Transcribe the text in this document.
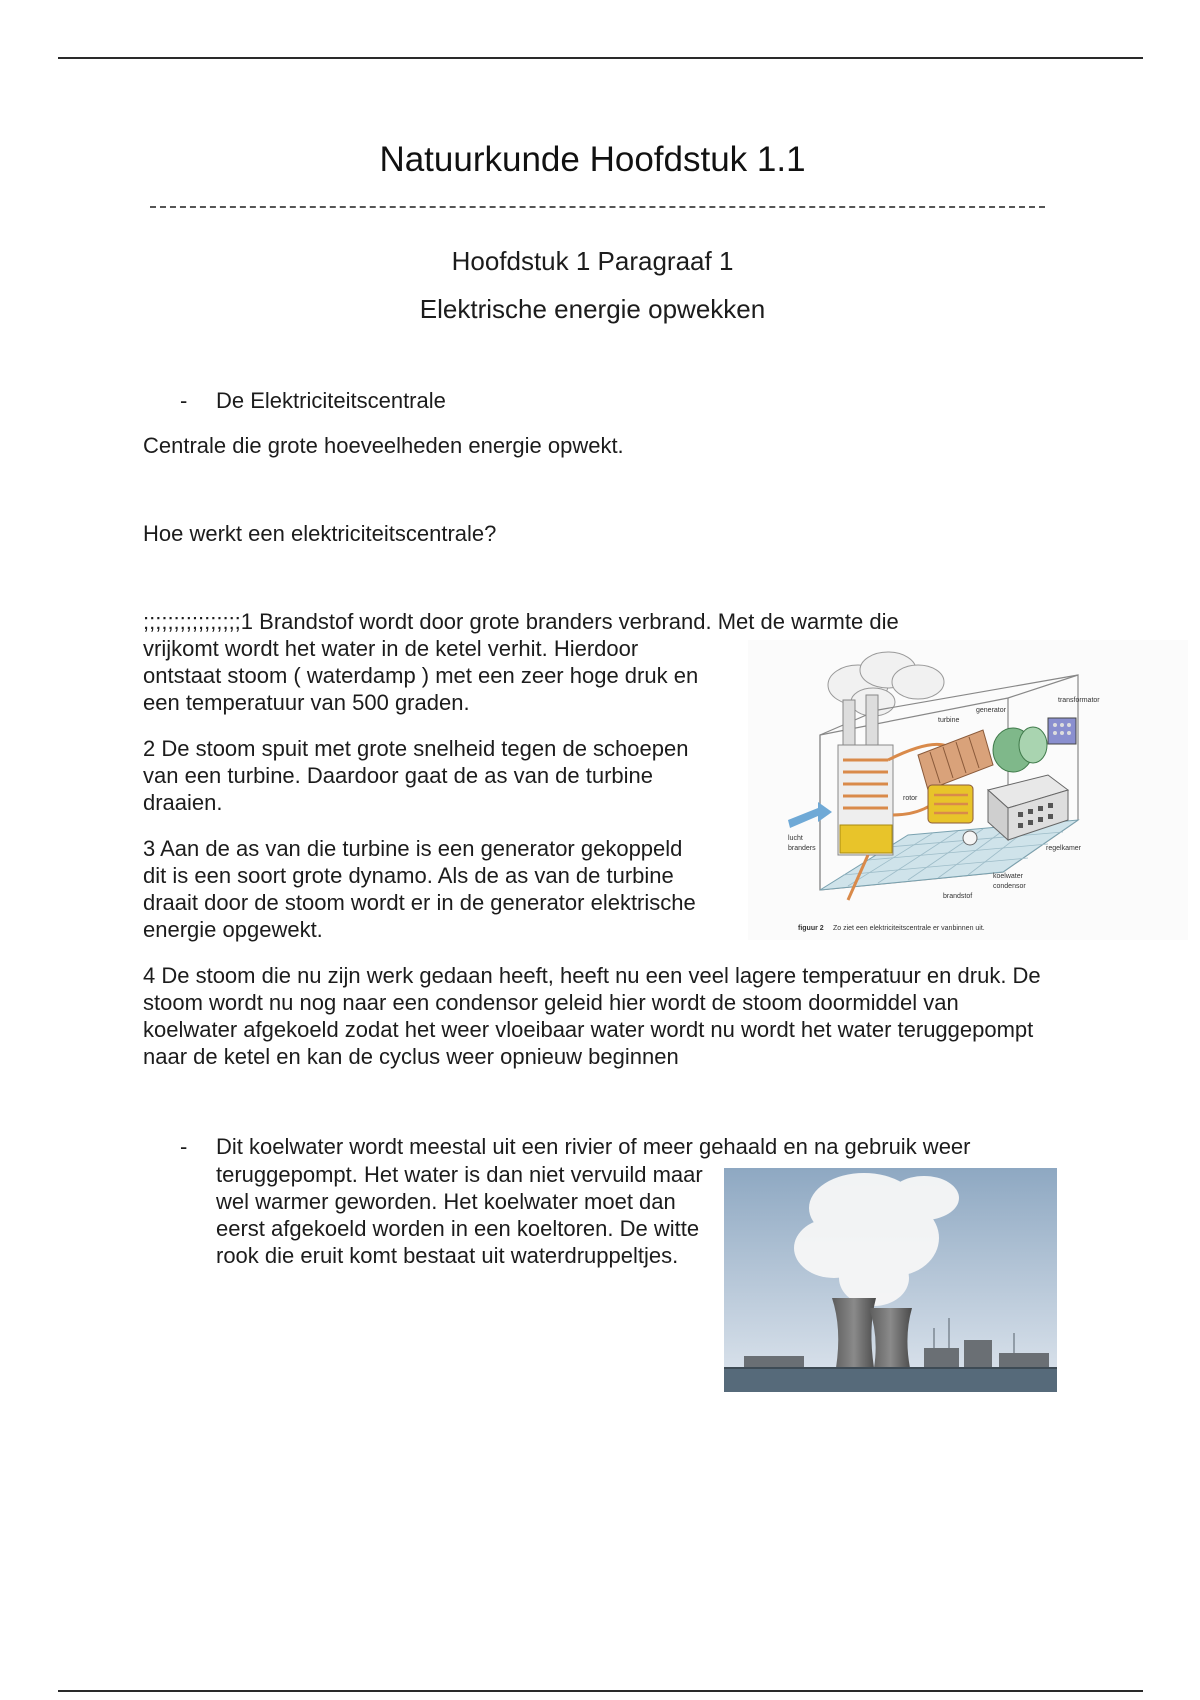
Natuurkunde Hoofdstuk 1.1
Hoofdstuk 1 Paragraaf 1
Elektrische energie opwekken
-	De Elektriciteitscentrale
Centrale die grote hoeveelheden energie opwekt.
Hoe werkt een elektriciteitscentrale?
;;;;;;;;;;;;;;;;1 Brandstof wordt door grote branders verbrand. Met de warmte die
vrijkomt wordt het water in de ketel verhit. Hierdoor ontstaat stoom ( waterdamp ) met een zeer hoge druk en een temperatuur van 500 graden.
2 De stoom spuit met grote snelheid tegen de schoepen van een turbine. Daardoor gaat de as van de turbine draaien.
3 Aan de as van die turbine is een generator gekoppeld dit is een soort grote dynamo. Als de as van de turbine draait door de stoom wordt er in de generator elektrische energie opgewekt.
4 De stoom die nu zijn werk gedaan heeft, heeft nu een veel lagere temperatuur en druk. De stoom wordt nu nog naar een condensor geleid hier wordt de stoom doormiddel van koelwater afgekoeld zodat het weer vloeibaar water wordt nu wordt het water teruggepompt naar de ketel en kan de cyclus weer opnieuw beginnen
transformator
generator
turbine
rotor
lucht
branders
koelwater
condensor
brandstof
regelkamer
figuur 2 Zo ziet een elektriciteitscentrale er vanbinnen uit.
-	Dit koelwater wordt meestal uit een rivier of meer gehaald en na gebruik weer
teruggepompt. Het water is dan niet vervuild maar wel warmer geworden. Het koelwater moet dan eerst afgekoeld worden in een koeltoren. De witte rook die eruit komt bestaat uit waterdruppeltjes.
